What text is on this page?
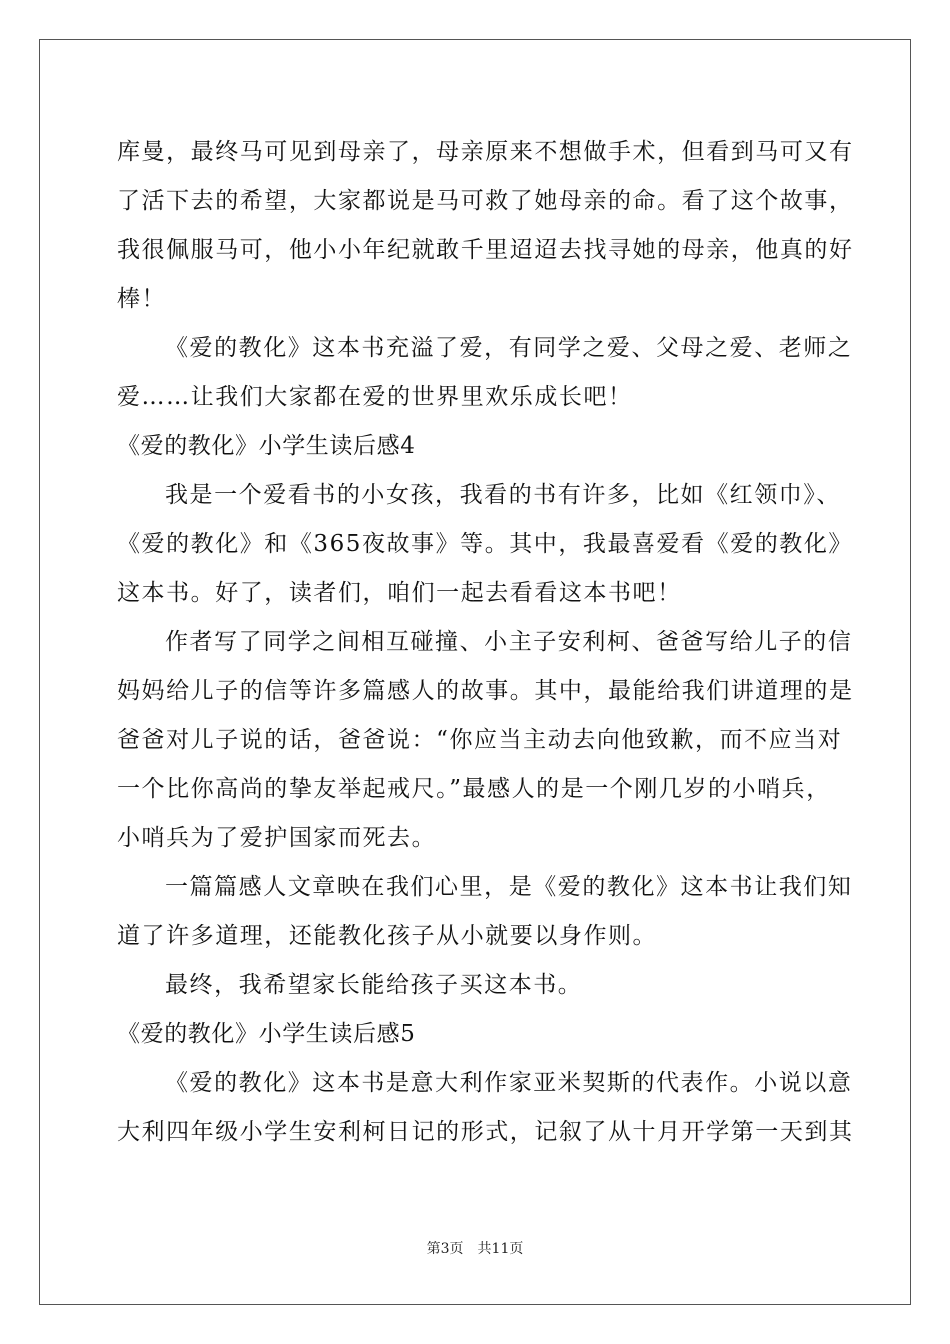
库曼，最终马可见到母亲了，母亲原来不想做手术，但看到马可又有
了活下去的希望，大家都说是马可救了她母亲的命。看了这个故事，
我很佩服马可，他小小年纪就敢千里迢迢去找寻她的母亲，他真的好
棒！
《爱的教化》这本书充溢了爱，有同学之爱、父母之爱、老师之
爱……让我们大家都在爱的世界里欢乐成长吧！
《爱的教化》小学生读后感4
我是一个爱看书的小女孩，我看的书有许多，比如《红领巾》、
《爱的教化》和《365夜故事》等。其中，我最喜爱看《爱的教化》
这本书。好了，读者们，咱们一起去看看这本书吧！
作者写了同学之间相互碰撞、小主子安利柯、爸爸写给儿子的信
妈妈给儿子的信等许多篇感人的故事。其中，最能给我们讲道理的是
爸爸对儿子说的话，爸爸说：“你应当主动去向他致歉，而不应当对
一个比你高尚的挚友举起戒尺。”最感人的是一个刚几岁的小哨兵，
小哨兵为了爱护国家而死去。
一篇篇感人文章映在我们心里，是《爱的教化》这本书让我们知
道了许多道理，还能教化孩子从小就要以身作则。
最终，我希望家长能给孩子买这本书。
《爱的教化》小学生读后感5
《爱的教化》这本书是意大利作家亚米契斯的代表作。小说以意
大利四年级小学生安利柯日记的形式，记叙了从十月开学第一天到其
第3页 共11页
